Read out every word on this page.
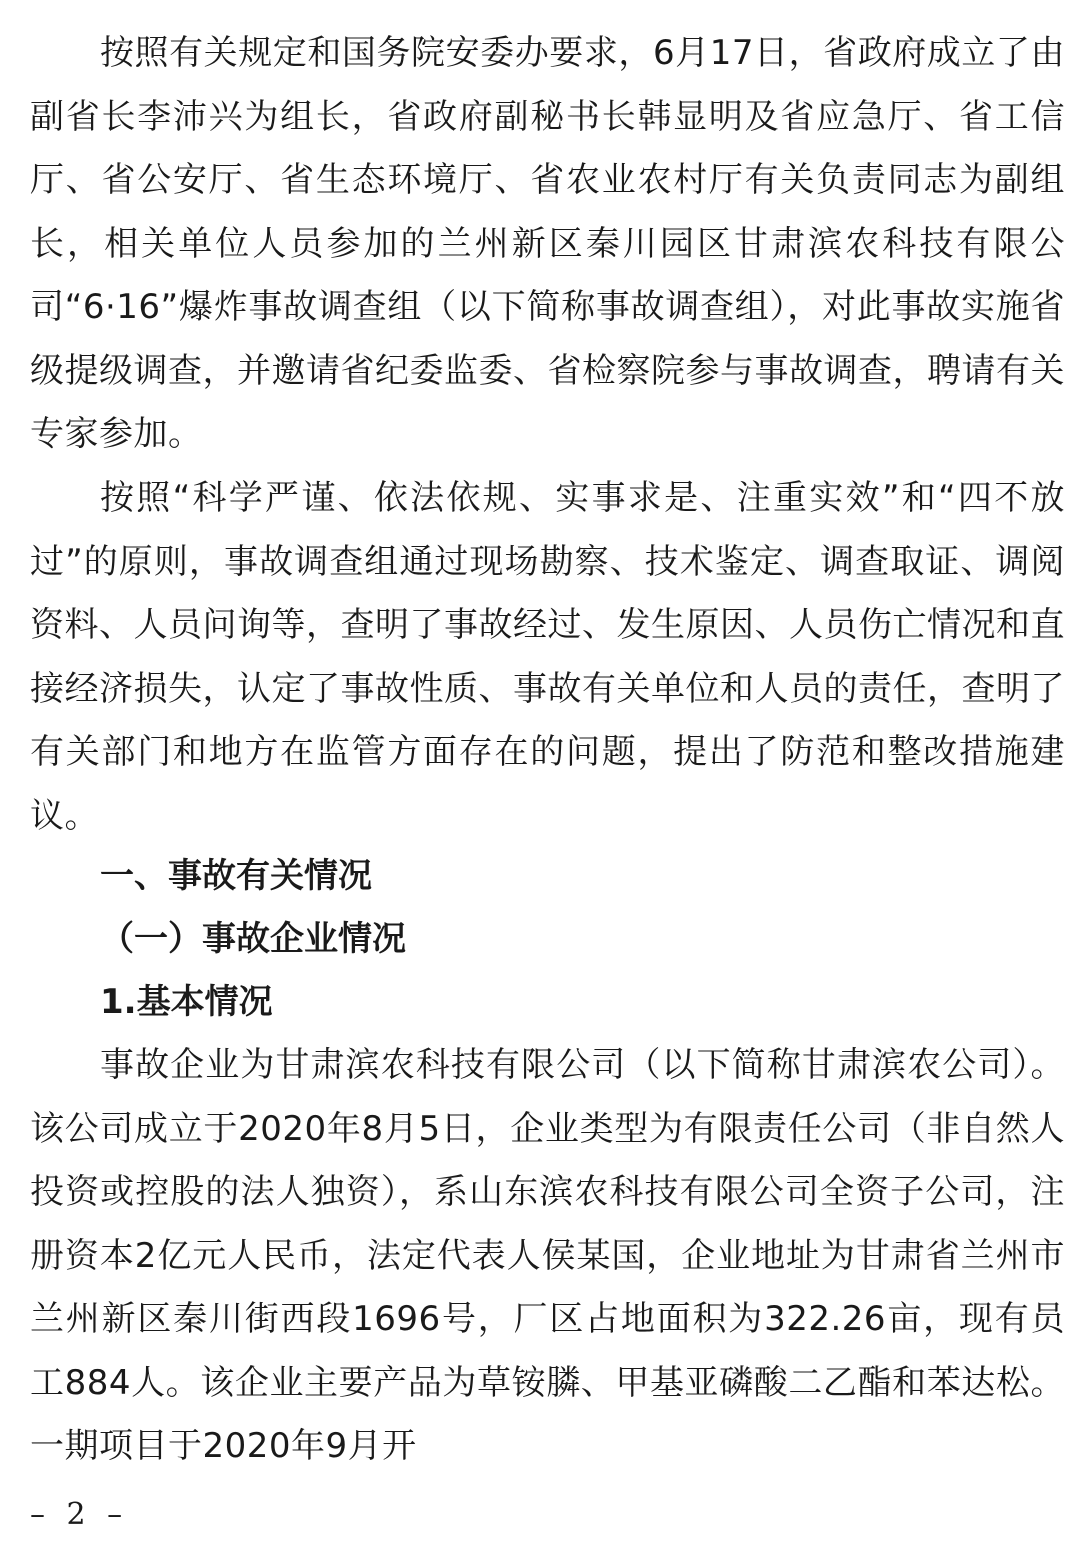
按照有关规定和国务院安委办要求，6月17日，省政府成立了由副省长李沛兴为组长，省政府副秘书长韩显明及省应急厅、省工信厅、省公安厅、省生态环境厅、省农业农村厅有关负责同志为副组长，相关单位人员参加的兰州新区秦川园区甘肃滨农科技有限公司“6·16”爆炸事故调查组（以下简称事故调查组），对此事故实施省级提级调查，并邀请省纪委监委、省检察院参与事故调查，聘请有关专家参加。

按照“科学严谨、依法依规、实事求是、注重实效”和“四不放过”的原则，事故调查组通过现场勘察、技术鉴定、调查取证、调阅资料、人员问询等，查明了事故经过、发生原因、人员伤亡情况和直接经济损失，认定了事故性质、事故有关单位和人员的责任，查明了有关部门和地方在监管方面存在的问题，提出了防范和整改措施建议。

一、事故有关情况

（一）事故企业情况

1.基本情况

事故企业为甘肃滨农科技有限公司（以下简称甘肃滨农公司）。该公司成立于2020年8月5日，企业类型为有限责任公司（非自然人投资或控股的法人独资），系山东滨农科技有限公司全资子公司，注册资本2亿元人民币，法定代表人侯某国，企业地址为甘肃省兰州市兰州新区秦川街西段1696号，厂区占地面积为322.26亩，现有员工884人。该企业主要产品为草铵膦、甲基亚磷酸二乙酯和苯达松。一期项目于2020年9月开

– 2 –
